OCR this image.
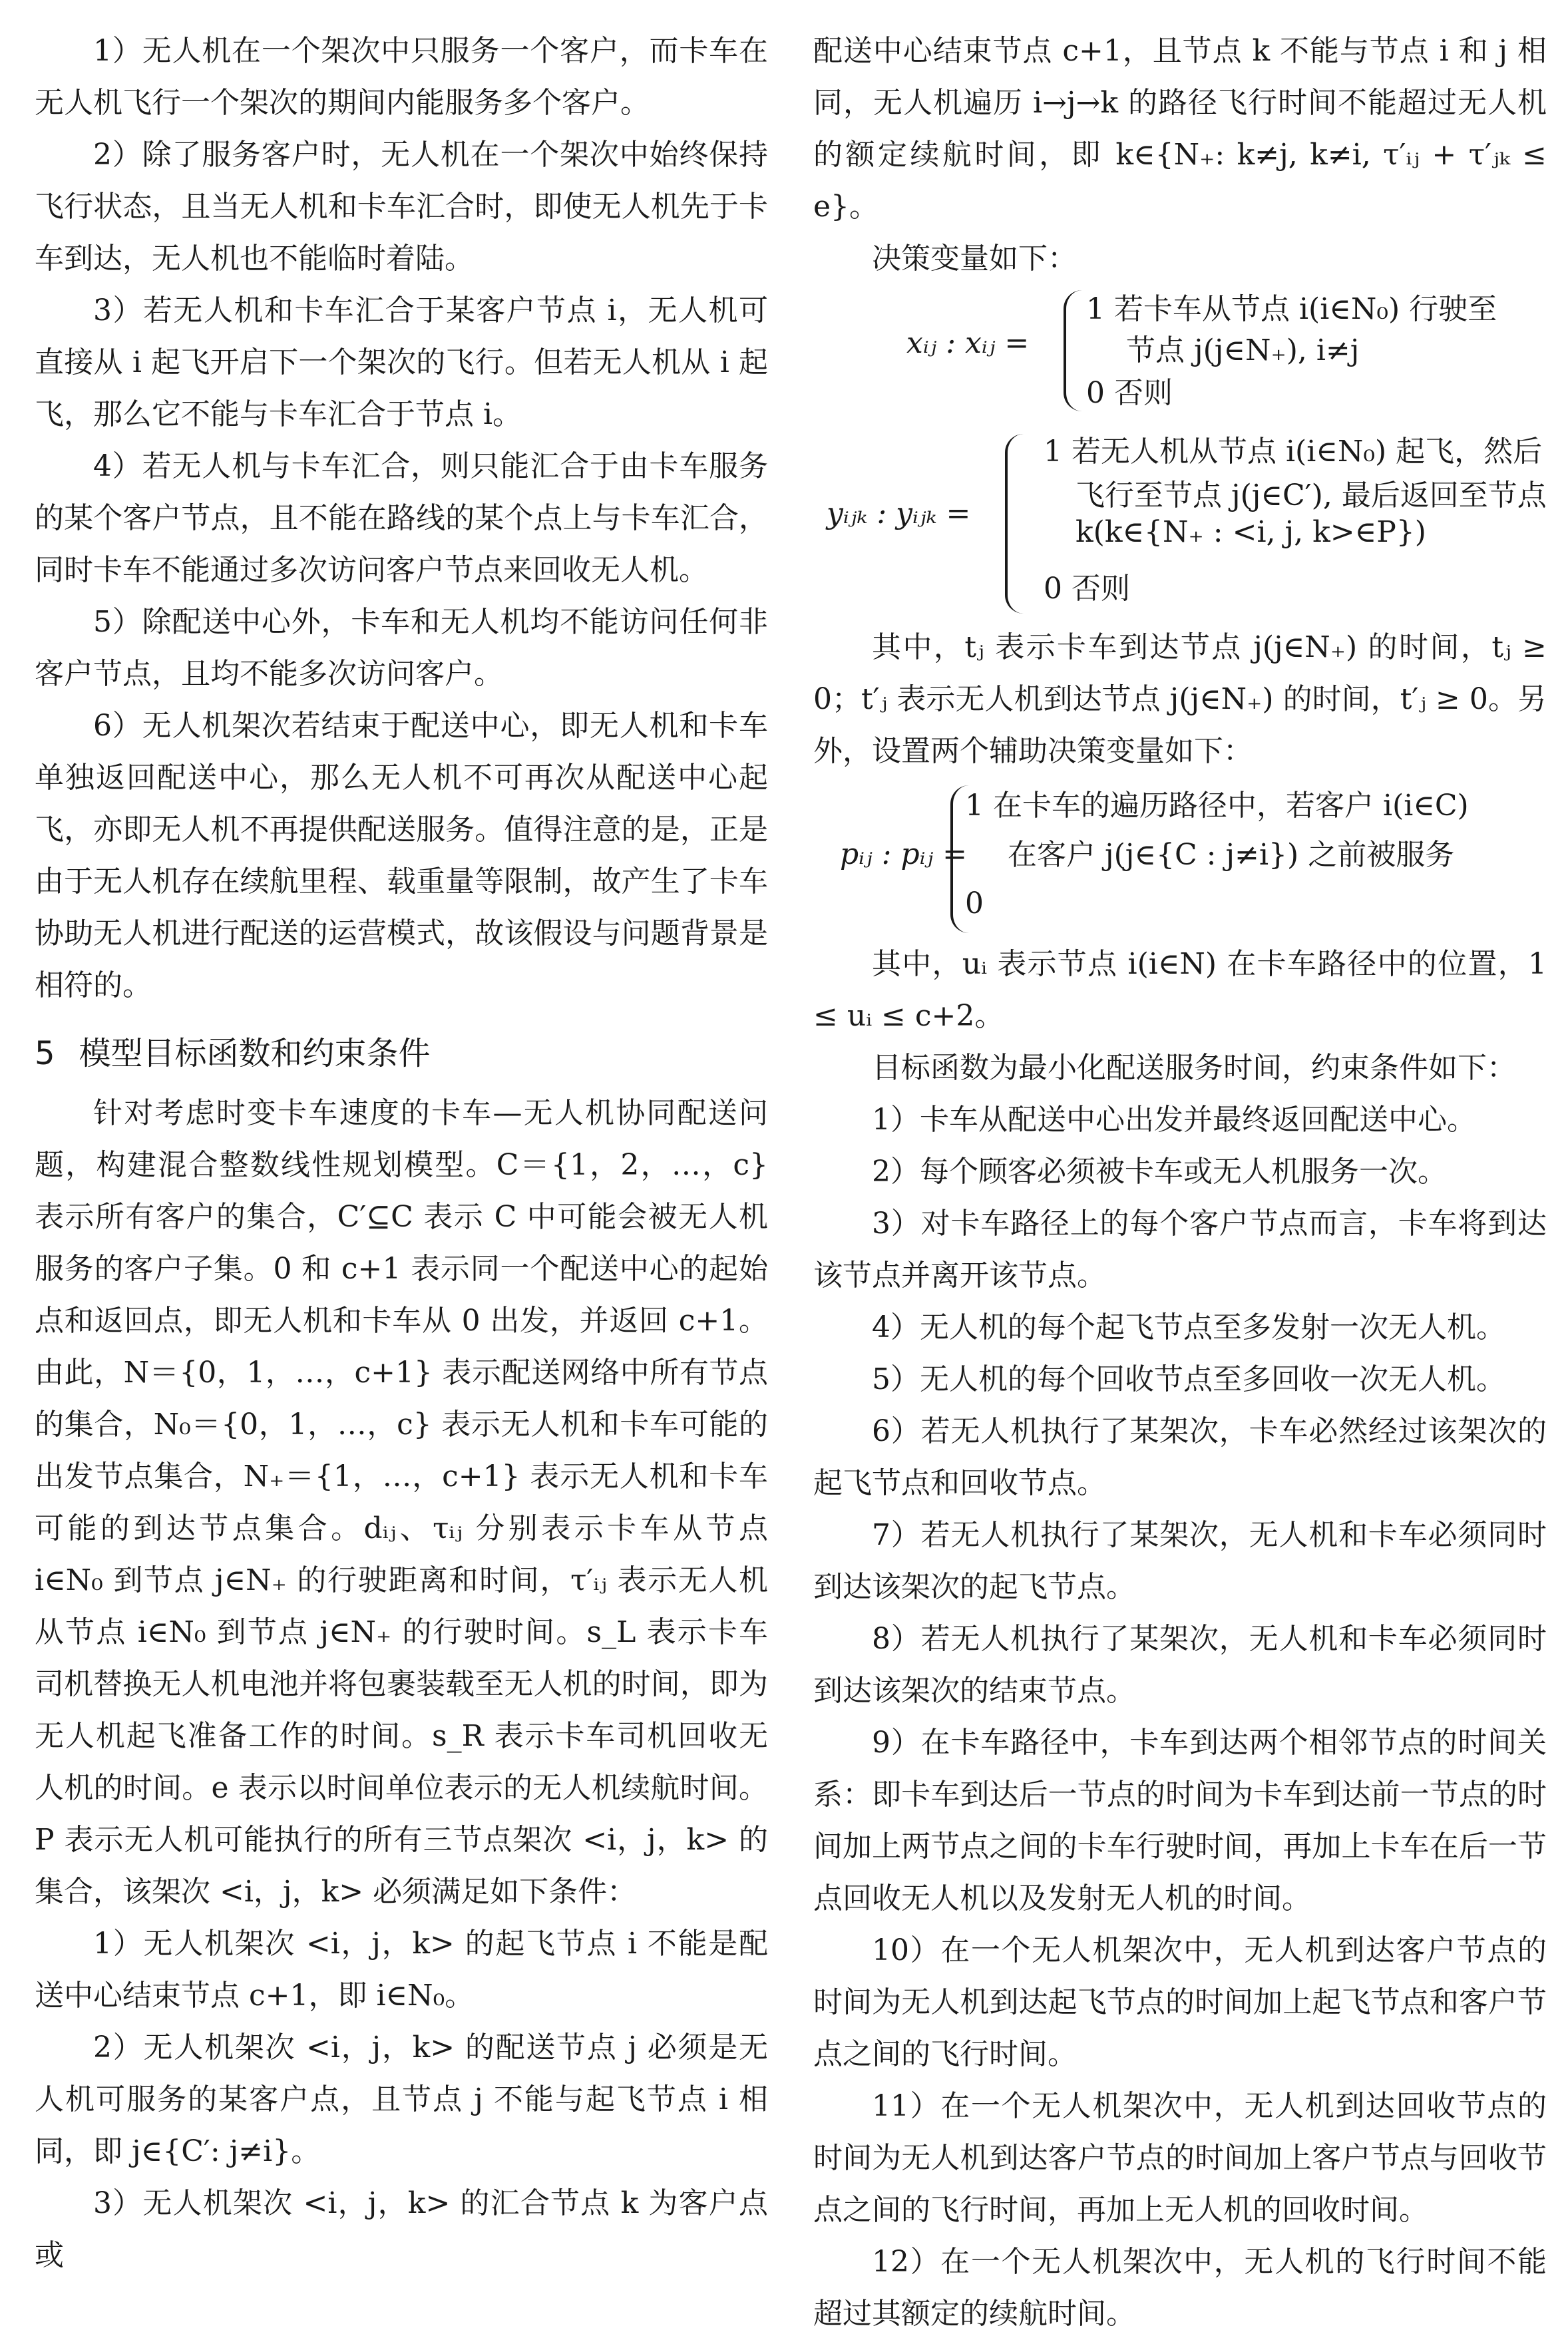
1）无人机在一个架次中只服务一个客户，而卡车在无人机飞行一个架次的期间内能服务多个客户。

2）除了服务客户时，无人机在一个架次中始终保持飞行状态，且当无人机和卡车汇合时，即使无人机先于卡车到达，无人机也不能临时着陆。

3）若无人机和卡车汇合于某客户节点 i，无人机可直接从 i 起飞开启下一个架次的飞行。但若无人机从 i 起飞，那么它不能与卡车汇合于节点 i。

4）若无人机与卡车汇合，则只能汇合于由卡车服务的某个客户节点，且不能在路线的某个点上与卡车汇合，同时卡车不能通过多次访问客户节点来回收无人机。

5）除配送中心外，卡车和无人机均不能访问任何非客户节点，且均不能多次访问客户。

6）无人机架次若结束于配送中心，即无人机和卡车单独返回配送中心，那么无人机不可再次从配送中心起飞，亦即无人机不再提供配送服务。值得注意的是，正是由于无人机存在续航里程、载重量等限制，故产生了卡车协助无人机进行配送的运营模式，故该假设与问题背景是相符的。

5 模型目标函数和约束条件

针对考虑时变卡车速度的卡车—无人机协同配送问题，构建混合整数线性规划模型。C＝{1，2，…，c} 表示所有客户的集合，C′⊆C 表示 C 中可能会被无人机服务的客户子集。0 和 c+1 表示同一个配送中心的起始点和返回点，即无人机和卡车从 0 出发，并返回 c+1。由此，N＝{0，1，…，c+1} 表示配送网络中所有节点的集合，N₀＝{0，1，…，c} 表示无人机和卡车可能的出发节点集合，N₊＝{1，…，c+1} 表示无人机和卡车可能的到达节点集合。dᵢⱼ、τᵢⱼ 分别表示卡车从节点 i∈N₀ 到节点 j∈N₊ 的行驶距离和时间，τ′ᵢⱼ 表示无人机从节点 i∈N₀ 到节点 j∈N₊ 的行驶时间。s_L 表示卡车司机替换无人机电池并将包裹装载至无人机的时间，即为无人机起飞准备工作的时间。s_R 表示卡车司机回收无人机的时间。e 表示以时间单位表示的无人机续航时间。P 表示无人机可能执行的所有三节点架次 <i，j，k> 的集合，该架次 <i，j，k> 必须满足如下条件：

1）无人机架次 <i，j，k> 的起飞节点 i 不能是配送中心结束节点 c+1，即 i∈N₀。

2）无人机架次 <i，j，k> 的配送节点 j 必须是无人机可服务的某客户点，且节点 j 不能与起飞节点 i 相同，即 j∈{C′: j≠i}。

3）无人机架次 <i，j，k> 的汇合节点 k 为客户点或

配送中心结束节点 c+1，且节点 k 不能与节点 i 和 j 相同，无人机遍历 i→j→k 的路径飞行时间不能超过无人机的额定续航时间，即 k∈{N₊: k≠j, k≠i, τ′ᵢⱼ + τ′ⱼₖ ≤ e}。

决策变量如下：

xᵢⱼ : xᵢⱼ =
1 若卡车从节点 i(i∈N₀) 行驶至
节点 j(j∈N₊), i≠j
0 否则
yᵢⱼₖ : yᵢⱼₖ =
1 若无人机从节点 i(i∈N₀) 起飞，然后
飞行至节点 j(j∈C′), 最后返回至节点
k(k∈{N₊ : <i, j, k>∈P})
0 否则

其中，tⱼ 表示卡车到达节点 j(j∈N₊) 的时间，tⱼ ≥ 0；t′ⱼ 表示无人机到达节点 j(j∈N₊) 的时间，t′ⱼ ≥ 0。另外，设置两个辅助决策变量如下：

pᵢⱼ : pᵢⱼ =
1 在卡车的遍历路径中，若客户 i(i∈C)
在客户 j(j∈{C : j≠i}) 之前被服务
0

其中，uᵢ 表示节点 i(i∈N) 在卡车路径中的位置，1 ≤ uᵢ ≤ c+2。

目标函数为最小化配送服务时间，约束条件如下：

1）卡车从配送中心出发并最终返回配送中心。

2）每个顾客必须被卡车或无人机服务一次。

3）对卡车路径上的每个客户节点而言，卡车将到达该节点并离开该节点。

4）无人机的每个起飞节点至多发射一次无人机。

5）无人机的每个回收节点至多回收一次无人机。

6）若无人机执行了某架次，卡车必然经过该架次的起飞节点和回收节点。

7）若无人机执行了某架次，无人机和卡车必须同时到达该架次的起飞节点。

8）若无人机执行了某架次，无人机和卡车必须同时到达该架次的结束节点。

9）在卡车路径中，卡车到达两个相邻节点的时间关系：即卡车到达后一节点的时间为卡车到达前一节点的时间加上两节点之间的卡车行驶时间，再加上卡车在后一节点回收无人机以及发射无人机的时间。

10）在一个无人机架次中，无人机到达客户节点的时间为无人机到达起飞节点的时间加上起飞节点和客户节点之间的飞行时间。

11）在一个无人机架次中，无人机到达回收节点的时间为无人机到达客户节点的时间加上客户节点与回收节点之间的飞行时间，再加上无人机的回收时间。

12）在一个无人机架次中，无人机的飞行时间不能超过其额定的续航时间。
